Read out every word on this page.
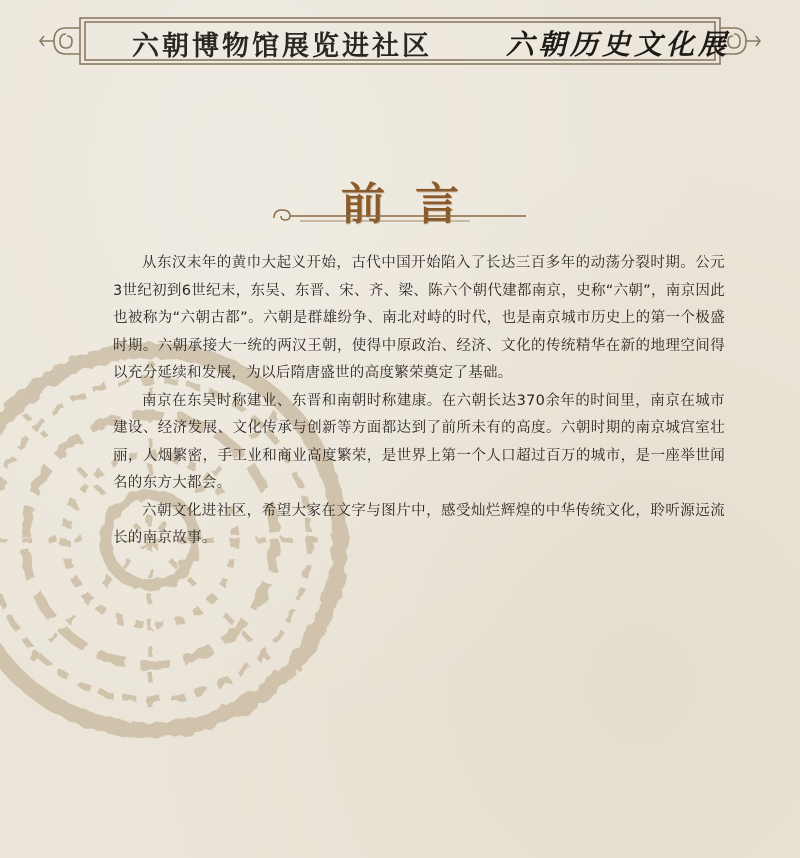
六朝博物馆展览进社区	六朝历史文化展
前言

从东汉末年的黄巾大起义开始，古代中国开始陷入了长达三百多年的动荡分裂时期。公元3世纪初到6世纪末，东吴、东晋、宋、齐、梁、陈六个朝代建都南京，史称“六朝”，南京因此也被称为“六朝古都”。六朝是群雄纷争、南北对峙的时代，也是南京城市历史上的第一个极盛时期。六朝承接大一统的两汉王朝，使得中原政治、经济、文化的传统精华在新的地理空间得以充分延续和发展，为以后隋唐盛世的高度繁荣奠定了基础。

南京在东吴时称建业、东晋和南朝时称建康。在六朝长达370余年的时间里，南京在城市建设、经济发展、文化传承与创新等方面都达到了前所未有的高度。六朝时期的南京城宫室壮丽，人烟繁密，手工业和商业高度繁荣，是世界上第一个人口超过百万的城市，是一座举世闻名的东方大都会。

六朝文化进社区，希望大家在文字与图片中，感受灿烂辉煌的中华传统文化，聆听源远流长的南京故事。
